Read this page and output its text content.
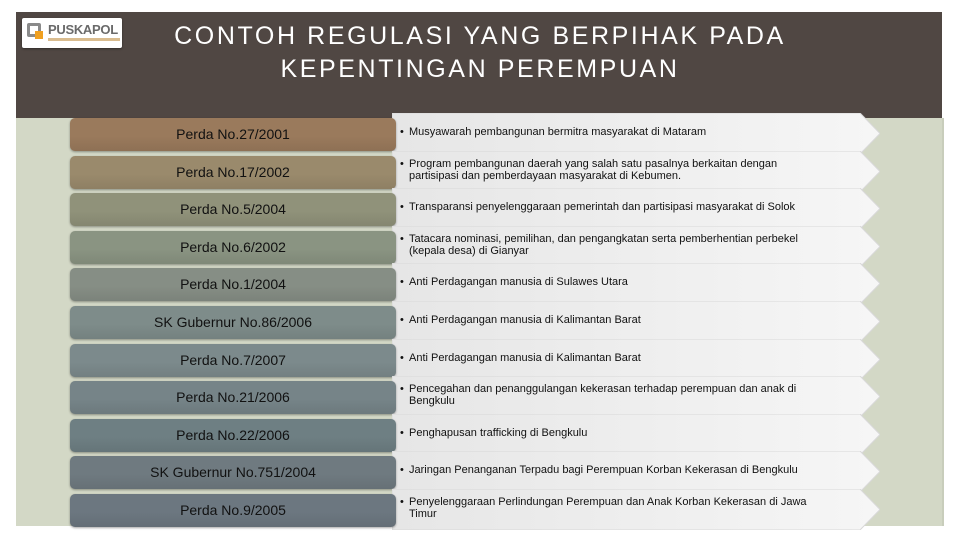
PUSKAPOL	CONTOH REGULASI YANG BERPIHAK PADA
KEPENTINGAN PEREMPUAN
Perda No.27/2001	• Musyawarah pembangunan bermitra masyarakat di Mataram
Perda No.17/2002	• Program pembangunan daerah yang salah satu pasalnya berkaitan dengan
partisipasi dan pemberdayaan masyarakat di Kebumen.
Perda No.5/2004	• Transparansi penyelenggaraan pemerintah dan partisipasi masyarakat di Solok
Perda No.6/2002	• Tatacara nominasi, pemilihan, dan pengangkatan serta pemberhentian perbekel
(kepala desa) di Gianyar
Perda No.1/2004	• Anti Perdagangan manusia di Sulawes Utara
SK Gubernur No.86/2006	• Anti Perdagangan manusia di Kalimantan Barat
Perda No.7/2007	• Anti Perdagangan manusia di Kalimantan Barat
Perda No.21/2006	• Pencegahan dan penanggulangan kekerasan terhadap perempuan dan anak di
Bengkulu
Perda No.22/2006	• Penghapusan trafficking di Bengkulu
SK Gubernur No.751/2004	• Jaringan Penanganan Terpadu bagi Perempuan Korban Kekerasan di Bengkulu
Perda No.9/2005	• Penyelenggaraan Perlindungan Perempuan dan Anak Korban Kekerasan di Jawa
Timur
